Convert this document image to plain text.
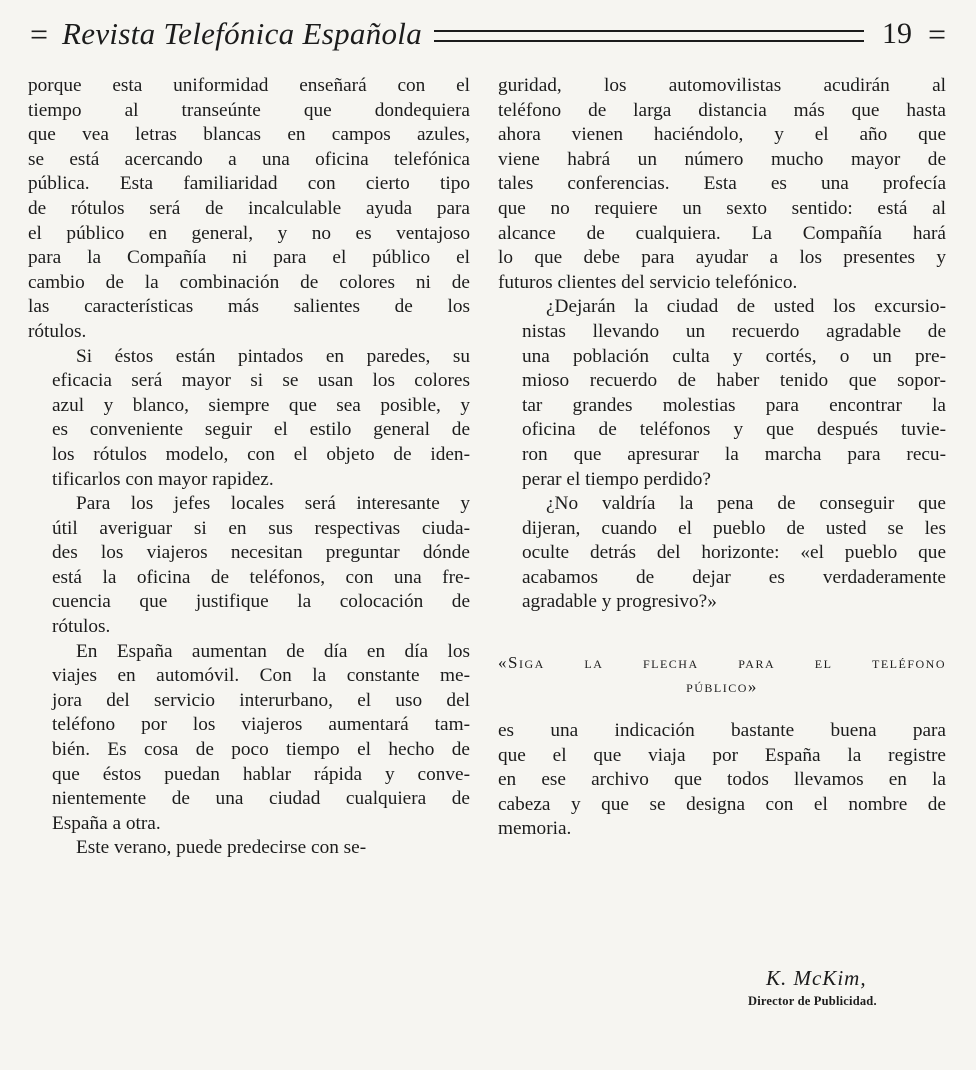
= Revista Telefónica Española	19 =

porque esta uniformidad enseñará con el
tiempo al transeúnte que dondequiera
que vea letras blancas en campos azules,
se está acercando a una oficina telefónica
pública. Esta familiaridad con cierto tipo
de rótulos será de incalculable ayuda para
el público en general, y no es ventajoso
para la Compañía ni para el público el
cambio de la combinación de colores ni de
las características más salientes de los
rótulos.

Si éstos están pintados en paredes, su
eficacia será mayor si se usan los colores
azul y blanco, siempre que sea posible, y
es conveniente seguir el estilo general de
los rótulos modelo, con el objeto de iden-
tificarlos con mayor rapidez.

Para los jefes locales será interesante y
útil averiguar si en sus respectivas ciuda-
des los viajeros necesitan preguntar dónde
está la oficina de teléfonos, con una fre-
cuencia que justifique la colocación de
rótulos.

En España aumentan de día en día los
viajes en automóvil. Con la constante me-
jora del servicio interurbano, el uso del
teléfono por los viajeros aumentará tam-
bién. Es cosa de poco tiempo el hecho de
que éstos puedan hablar rápida y conve-
nientemente de una ciudad cualquiera de
España a otra.

Este verano, puede predecirse con se-

guridad, los automovilistas acudirán al
teléfono de larga distancia más que hasta
ahora vienen haciéndolo, y el año que
viene habrá un número mucho mayor de
tales conferencias. Esta es una profecía
que no requiere un sexto sentido: está al
alcance de cualquiera. La Compañía hará
lo que debe para ayudar a los presentes y
futuros clientes del servicio telefónico.

¿Dejarán la ciudad de usted los excursio-
nistas llevando un recuerdo agradable de
una población culta y cortés, o un pre-
mioso recuerdo de haber tenido que sopor-
tar grandes molestias para encontrar la
oficina de teléfonos y que después tuvie-
ron que apresurar la marcha para recu-
perar el tiempo perdido?

¿No valdría la pena de conseguir que
dijeran, cuando el pueblo de usted se les
oculte detrás del horizonte: «el pueblo que
acabamos de dejar es verdaderamente
agradable y progresivo?»

«Siga la flecha para el teléfono
público»

es una indicación bastante buena para
que el que viaja por España la registre
en ese archivo que todos llevamos en la
cabeza y que se designa con el nombre de
memoria.

K. McKim,
Director de Publicidad.
